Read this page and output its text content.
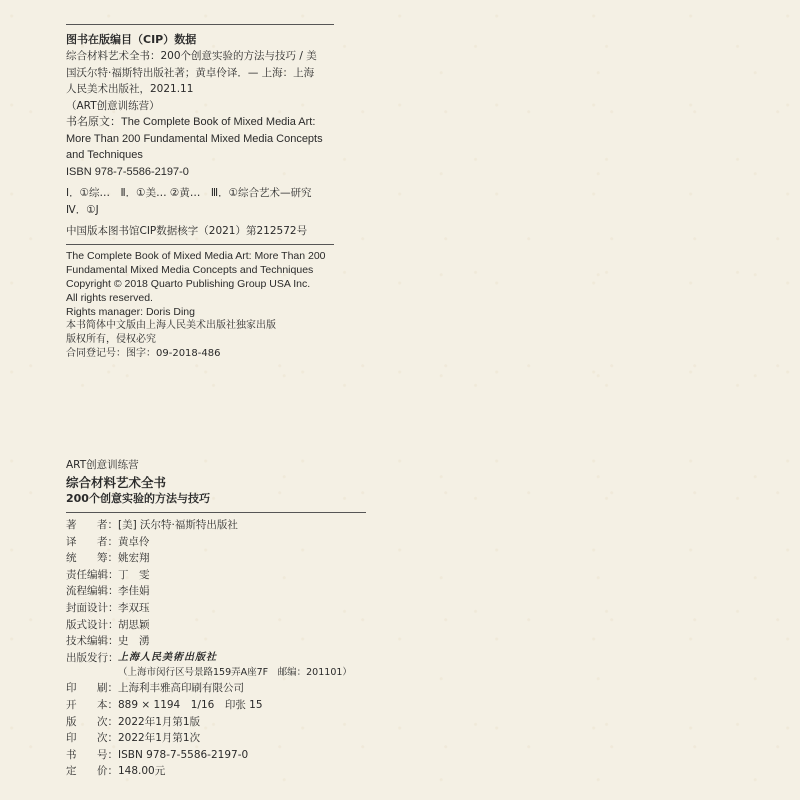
图书在版编目（CIP）数据
综合材料艺术全书：200个创意实验的方法与技巧 / 美
国沃尔特·福斯特出版社著；黄卓伶译．— 上海：上海
人民美术出版社，2021.11
（ART创意训练营）
书名原文：The Complete Book of Mixed Media Art:
More Than 200 Fundamental Mixed Media Concepts
and Techniques
ISBN 978-7-5586-2197-0
Ⅰ．①综…　Ⅱ．①美… ②黄…　Ⅲ．①综合艺术—研究
Ⅳ．①J
中国版本图书馆CIP数据核字（2021）第212572号
The Complete Book of Mixed Media Art: More Than 200
Fundamental Mixed Media Concepts and Techniques
Copyright © 2018 Quarto Publishing Group USA Inc.
All rights reserved.
Rights manager: Doris Ding
本书简体中文版由上海人民美术出版社独家出版
版权所有，侵权必究
合同登记号：图字：09-2018-486
ART创意训练营
综合材料艺术全书
200个创意实验的方法与技巧
著 者： [美] 沃尔特·福斯特出版社
译 者： 黄卓伶
统 筹： 姚宏翔
责任编辑： 丁　雯
流程编辑： 李佳娟
封面设计： 李双珏
版式设计： 胡思颖
技术编辑： 史　湧
出版发行： 上海人民美術出版社
（上海市闵行区号景路159弄A座7F　邮编：201101）
印 刷： 上海利丰雅高印刷有限公司
开 本： 889 × 1194　1/16　印张 15
版 次： 2022年1月第1版
印 次： 2022年1月第1次
书 号： ISBN 978-7-5586-2197-0
定 价： 148.00元
